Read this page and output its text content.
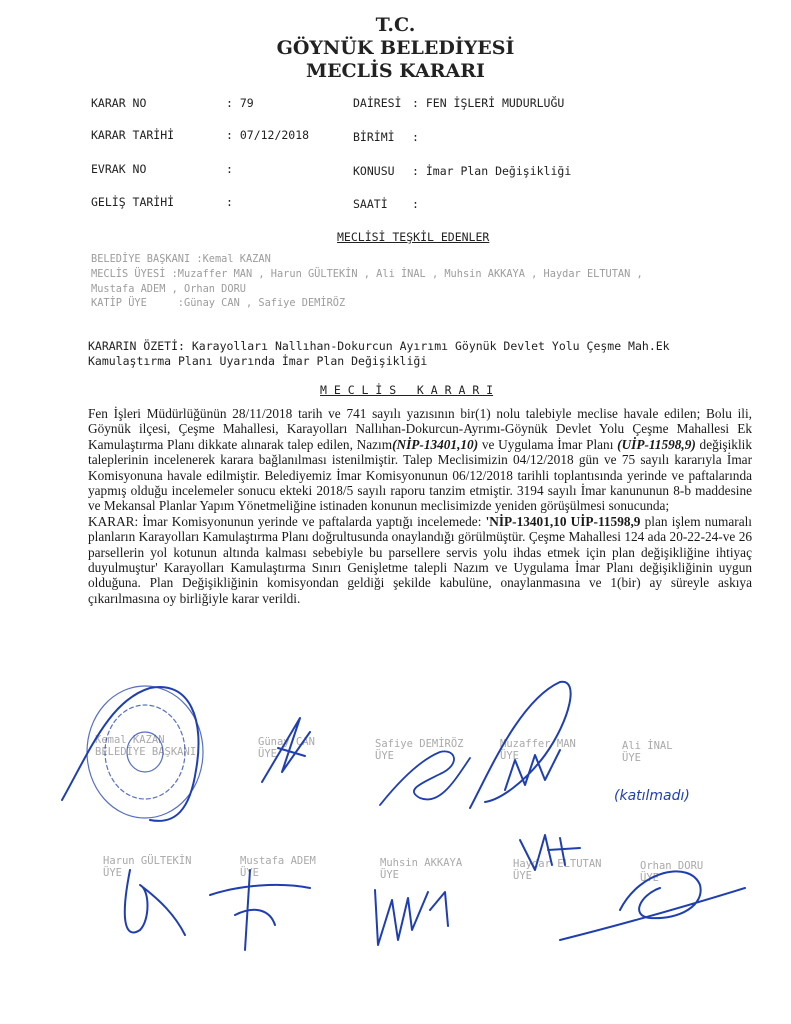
T.C.
GÖYNÜK BELEDİYESİ
MECLİS KARARI
KARAR NO	: 79	DAİRESİ : FEN İŞLERİ MUDURLUĞU
KARAR TARİHİ	: 07/12/2018	BİRİMİ :
EVRAK NO	:	KONUSU : İmar Plan Değişikliği
GELİŞ TARİHİ	:	SAATİ :
MECLİSİ TEŞKİL EDENLER
BELEDİYE BAŞKANI :Kemal KAZAN
MECLİS ÜYESİ :Muzaffer MAN , Harun GÜLTEKİN , Ali İNAL , Muhsin AKKAYA , Haydar ELTUTAN ,
Mustafa ADEM , Orhan DORU
KATİP ÜYE     :Günay CAN , Safiye DEMİRÖZ
KARARIN ÖZETİ: Karayolları Nallıhan-Dokurcun Ayırımı Göynük Devlet Yolu Çeşme Mah.Ek
Kamulaştırma Planı Uyarında İmar Plan Değişikliği
M E C L İ S   K A R A R I

Fen İşleri Müdürlüğünün 28/11/2018 tarih ve 741 sayılı yazısının bir(1) nolu talebiyle meclise havale edilen; Bolu ili, Göynük ilçesi, Çeşme Mahallesi, Karayolları Nallıhan-Dokurcun-Ayrımı-Göynük Devlet Yolu Çeşme Mahallesi Ek Kamulaştırma Planı dikkate alınarak talep edilen, Nazım(NİP-13401,10) ve Uygulama İmar Planı (UİP-11598,9) değişiklik taleplerinin incelenerek karara bağlanılması istenilmiştir. Talep Meclisimizin 04/12/2018 gün ve 75 sayılı kararıyla İmar Komisyonuna havale edilmiştir. Belediyemiz İmar Komisyonunun 06/12/2018 tarihli toplantısında yerinde ve paftalarında yapmış olduğu incelemeler sonucu ekteki 2018/5 sayılı raporu tanzim etmiştir. 3194 sayılı İmar kanununun 8-b maddesine ve Mekansal Planlar Yapım Yönetmeliğine istinaden konunun meclisimizde yeniden görüşülmesi sonucunda;

KARAR: İmar Komisyonunun yerinde ve paftalarda yaptığı incelemede: 'NİP-13401,10 UİP-11598,9 plan işlem numaralı planların Karayolları Kamulaştırma Planı doğrultusunda onaylandığı görülmüştür. Çeşme Mahallesi 124 ada 20-22-24-ve 26 parsellerin yol kotunun altında kalması sebebiyle bu parsellere servis yolu ihdas etmek için plan değişikliğine ihtiyaç duyulmuştur' Karayolları Kamulaştırma Sınırı Genişletme talepli Nazım ve Uygulama İmar Planı değişikliğinin uygun olduğuna. Plan Değişikliğinin komisyondan geldiği şekilde kabulüne, onaylanmasına ve 1(bir) ay süreyle askıya çıkarılmasına oy birliğiyle karar verildi.

Kemal KAZAN
BELEDİYE BAŞKANI
Günay CAN
ÜYE
Safiye DEMİRÖZ
ÜYE
Muzaffer MAN
ÜYE
Ali İNAL
ÜYE
(katılmadı)
Harun GÜLTEKİN
ÜYE
Mustafa ADEM
ÜYE
Muhsin AKKAYA
ÜYE
Haydar ELTUTAN
ÜYE
Orhan DORU
ÜYE
